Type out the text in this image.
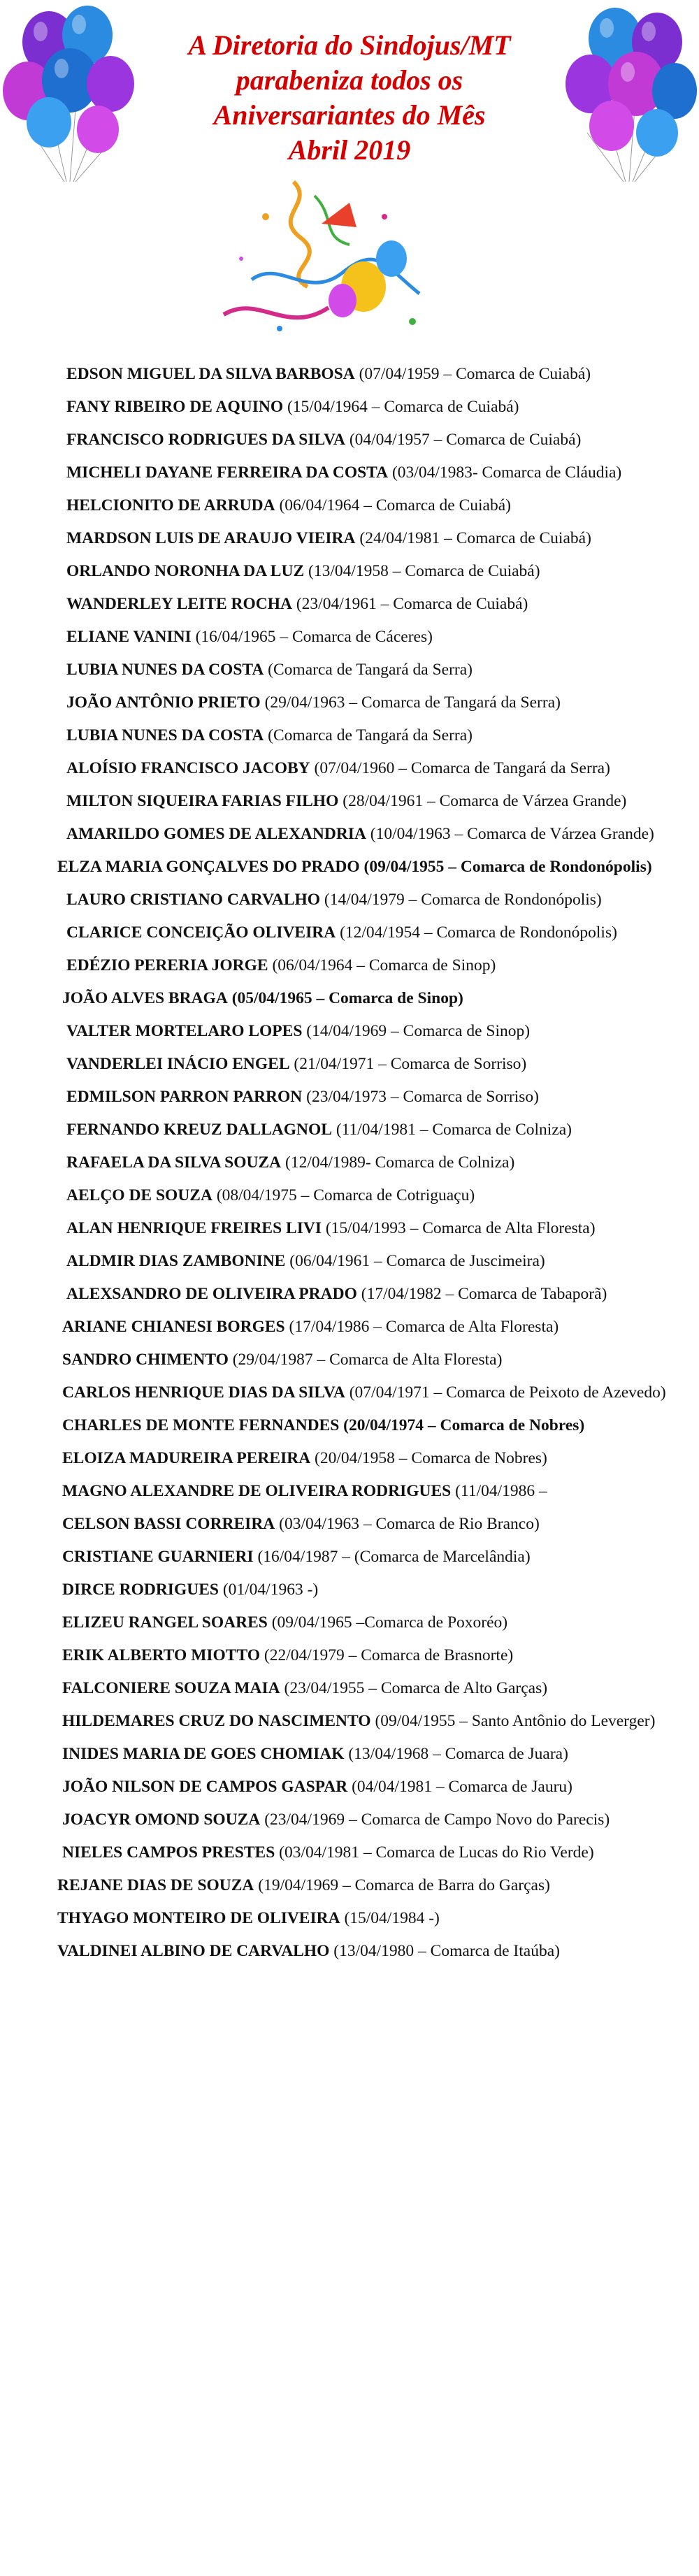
A Diretoria do Sindojus/MT
parabeniza todos os
Aniversariantes do Mês
Abril 2019
EDSON MIGUEL DA SILVA BARBOSA (07/04/1959 – Comarca de Cuiabá)
FANY RIBEIRO DE AQUINO (15/04/1964 – Comarca de Cuiabá)
FRANCISCO RODRIGUES DA SILVA (04/04/1957 – Comarca de Cuiabá)
MICHELI DAYANE FERREIRA DA COSTA (03/04/1983- Comarca de Cláudia)
HELCIONITO DE ARRUDA (06/04/1964 – Comarca de Cuiabá)
MARDSON LUIS DE ARAUJO VIEIRA (24/04/1981 – Comarca de Cuiabá)
ORLANDO NORONHA DA LUZ (13/04/1958 – Comarca de Cuiabá)
WANDERLEY LEITE ROCHA (23/04/1961 – Comarca de Cuiabá)
ELIANE VANINI (16/04/1965 – Comarca de Cáceres)
LUBIA NUNES DA COSTA (Comarca de Tangará da Serra)
JOÃO ANTÔNIO PRIETO (29/04/1963 – Comarca de Tangará da Serra)
LUBIA NUNES DA COSTA (Comarca de Tangará da Serra)
ALOÍSIO FRANCISCO JACOBY (07/04/1960 – Comarca de Tangará da Serra)
MILTON SIQUEIRA FARIAS FILHO (28/04/1961 – Comarca de Várzea Grande)
AMARILDO GOMES DE ALEXANDRIA (10/04/1963 – Comarca de Várzea Grande)
ELZA MARIA GONÇALVES DO PRADO (09/04/1955 – Comarca de Rondonópolis)
LAURO CRISTIANO CARVALHO (14/04/1979 – Comarca de Rondonópolis)
CLARICE CONCEIÇÃO OLIVEIRA (12/04/1954 – Comarca de Rondonópolis)
EDÉZIO PERERIA JORGE (06/04/1964 – Comarca de Sinop)
JOÃO ALVES BRAGA (05/04/1965 – Comarca de Sinop)
VALTER MORTELARO LOPES (14/04/1969 – Comarca de Sinop)
VANDERLEI INÁCIO ENGEL (21/04/1971 – Comarca de Sorriso)
EDMILSON PARRON PARRON (23/04/1973 – Comarca de Sorriso)
FERNANDO KREUZ DALLAGNOL (11/04/1981 – Comarca de Colniza)
RAFAELA DA SILVA SOUZA (12/04/1989- Comarca de Colniza)
AELÇO DE SOUZA (08/04/1975 – Comarca de Cotriguaçu)
ALAN HENRIQUE FREIRES LIVI (15/04/1993 – Comarca de Alta Floresta)
ALDMIR DIAS ZAMBONINE (06/04/1961 – Comarca de Juscimeira)
ALEXSANDRO DE OLIVEIRA PRADO (17/04/1982 – Comarca de Tabaporã)
ARIANE CHIANESI BORGES (17/04/1986 – Comarca de Alta Floresta)
SANDRO CHIMENTO (29/04/1987 – Comarca de Alta Floresta)
CARLOS HENRIQUE DIAS DA SILVA (07/04/1971 – Comarca de Peixoto de Azevedo)
CHARLES DE MONTE FERNANDES (20/04/1974 – Comarca de Nobres)
ELOIZA MADUREIRA PEREIRA (20/04/1958 – Comarca de Nobres)
MAGNO ALEXANDRE DE OLIVEIRA RODRIGUES (11/04/1986 –
CELSON BASSI CORREIRA (03/04/1963 – Comarca de Rio Branco)
CRISTIANE GUARNIERI (16/04/1987 – (Comarca de Marcelândia)
DIRCE RODRIGUES (01/04/1963 -)
ELIZEU RANGEL SOARES (09/04/1965 –Comarca de Poxoréo)
ERIK ALBERTO MIOTTO (22/04/1979 – Comarca de Brasnorte)
FALCONIERE SOUZA MAIA (23/04/1955 – Comarca de Alto Garças)
HILDEMARES CRUZ DO NASCIMENTO (09/04/1955 – Santo Antônio do Leverger)
INIDES MARIA DE GOES CHOMIAK (13/04/1968 – Comarca de Juara)
JOÃO NILSON DE CAMPOS GASPAR (04/04/1981 – Comarca de Jauru)
JOACYR OMOND SOUZA (23/04/1969 – Comarca de Campo Novo do Parecis)
NIELES CAMPOS PRESTES (03/04/1981 – Comarca de Lucas do Rio Verde)
REJANE DIAS DE SOUZA (19/04/1969 – Comarca de Barra do Garças)
THYAGO MONTEIRO DE OLIVEIRA (15/04/1984 -)
VALDINEI ALBINO DE CARVALHO (13/04/1980 – Comarca de Itaúba)
